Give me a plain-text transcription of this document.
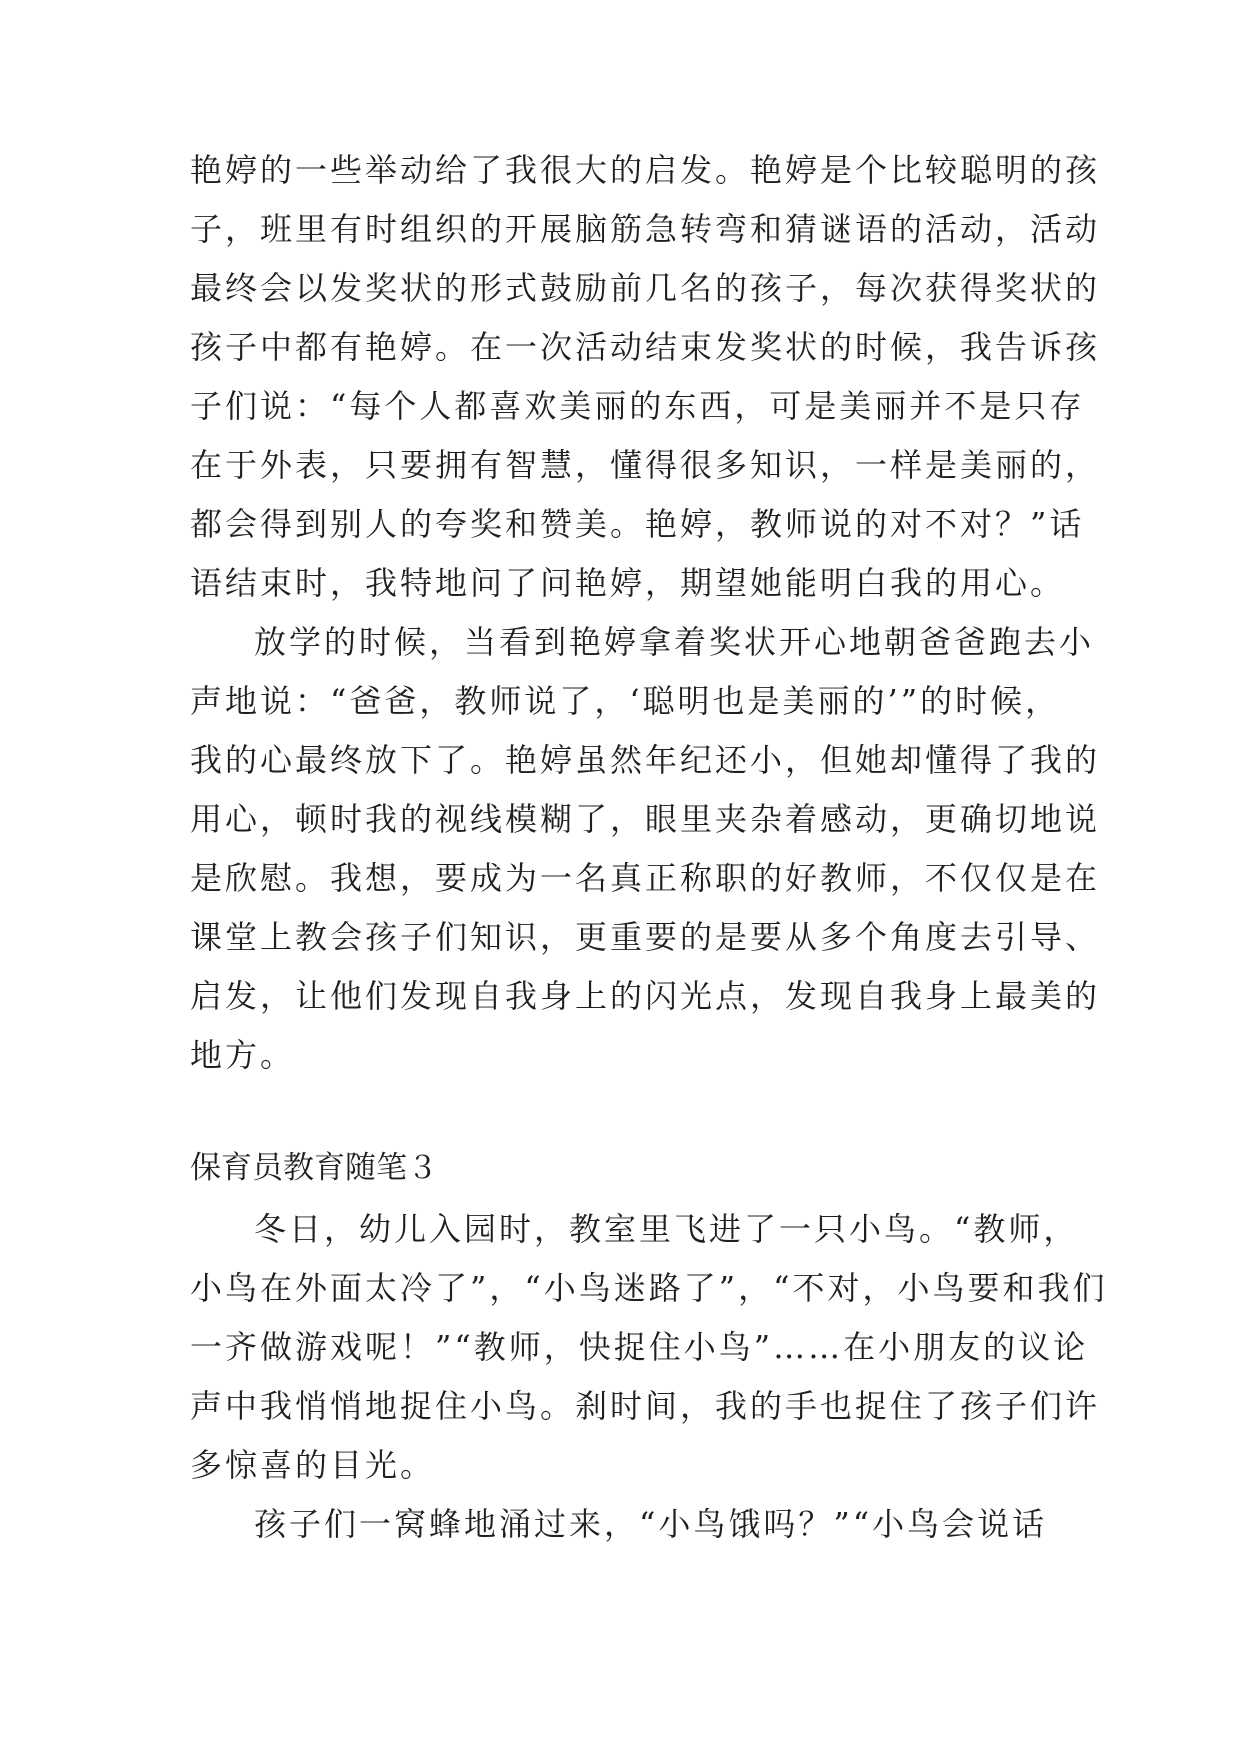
艳婷的一些举动给了我很大的启发。艳婷是个比较聪明的孩
子，班里有时组织的开展脑筋急转弯和猜谜语的活动，活动
最终会以发奖状的形式鼓励前几名的孩子，每次获得奖状的
孩子中都有艳婷。在一次活动结束发奖状的时候，我告诉孩
子们说：“每个人都喜欢美丽的东西，可是美丽并不是只存
在于外表，只要拥有智慧，懂得很多知识，一样是美丽的，
都会得到别人的夸奖和赞美。艳婷，教师说的对不对？”话
语结束时，我特地问了问艳婷，期望她能明白我的用心。
放学的时候，当看到艳婷拿着奖状开心地朝爸爸跑去小
声地说：“爸爸，教师说了，‘聪明也是美丽的’”的时候，
我的心最终放下了。艳婷虽然年纪还小，但她却懂得了我的
用心，顿时我的视线模糊了，眼里夹杂着感动，更确切地说
是欣慰。我想，要成为一名真正称职的好教师，不仅仅是在
课堂上教会孩子们知识，更重要的是要从多个角度去引导、
启发，让他们发现自我身上的闪光点，发现自我身上最美的
地方。
保育员教育随笔３
冬日，幼儿入园时，教室里飞进了一只小鸟。“教师，
小鸟在外面太冷了”，“小鸟迷路了”，“不对，小鸟要和我们
一齐做游戏呢！”“教师，快捉住小鸟”……在小朋友的议论
声中我悄悄地捉住小鸟。刹时间，我的手也捉住了孩子们许
多惊喜的目光。
孩子们一窝蜂地涌过来，“小鸟饿吗？”“小鸟会说话
